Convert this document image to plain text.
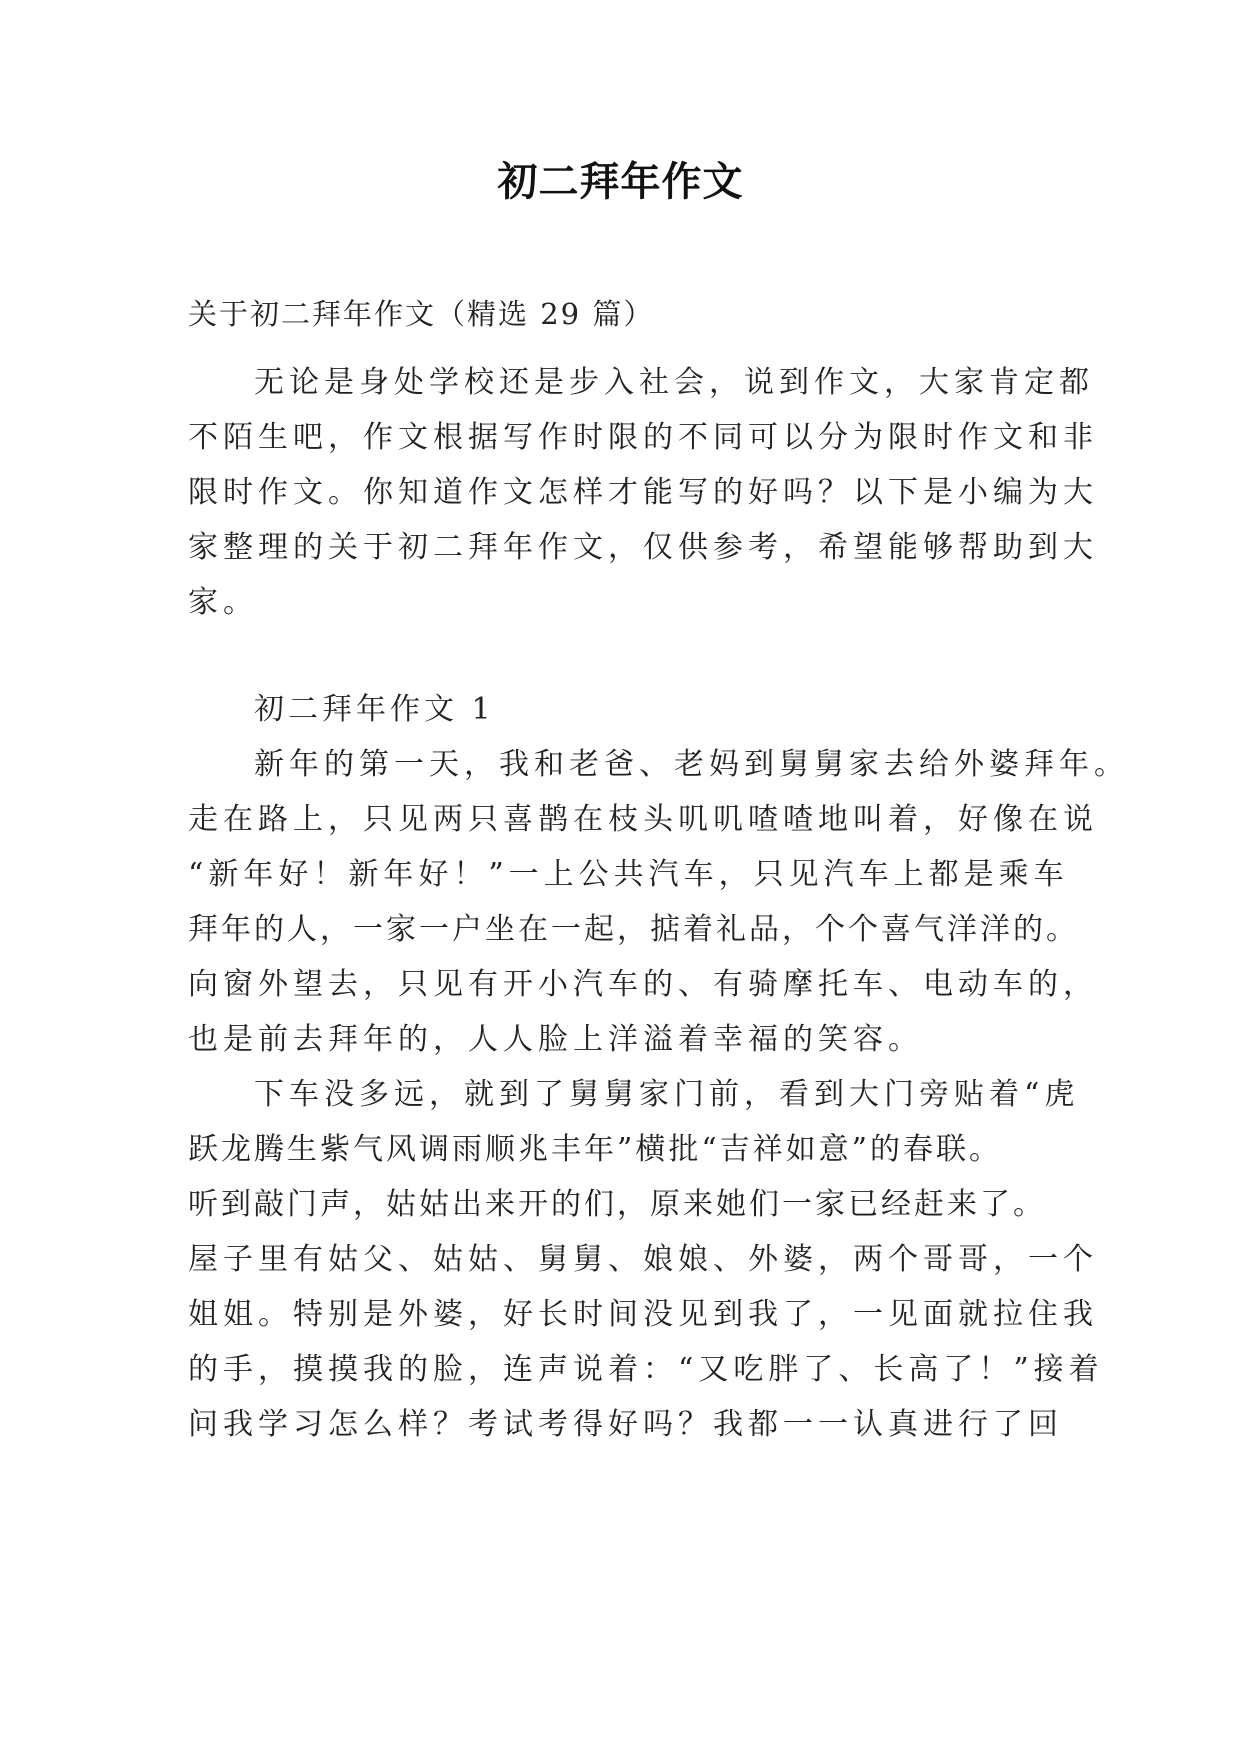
初二拜年作文
关于初二拜年作文（精选 29 篇）
无论是身处学校还是步入社会，说到作文，大家肯定都
不陌生吧，作文根据写作时限的不同可以分为限时作文和非
限时作文。你知道作文怎样才能写的好吗？以下是小编为大
家整理的关于初二拜年作文，仅供参考，希望能够帮助到大
家。
初二拜年作文 1
新年的第一天，我和老爸、老妈到舅舅家去给外婆拜年。
走在路上，只见两只喜鹊在枝头叽叽喳喳地叫着，好像在说
“新年好！新年好！”一上公共汽车，只见汽车上都是乘车
拜年的人，一家一户坐在一起，掂着礼品，个个喜气洋洋的。
向窗外望去，只见有开小汽车的、有骑摩托车、电动车的，
也是前去拜年的，人人脸上洋溢着幸福的笑容。
下车没多远，就到了舅舅家门前，看到大门旁贴着“虎
跃龙腾生紫气风调雨顺兆丰年”横批“吉祥如意”的春联。
听到敲门声，姑姑出来开的们，原来她们一家已经赶来了。
屋子里有姑父、姑姑、舅舅、娘娘、外婆，两个哥哥，一个
姐姐。特别是外婆，好长时间没见到我了，一见面就拉住我
的手，摸摸我的脸，连声说着：“又吃胖了、长高了！”接着
问我学习怎么样？考试考得好吗？我都一一认真进行了回
